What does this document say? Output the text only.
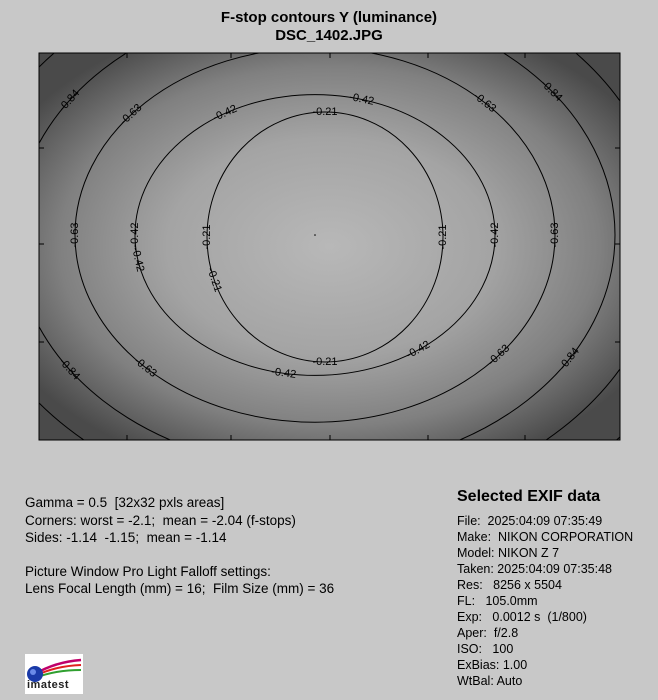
F-stop contours Y (luminance)
DSC_1402.JPG
-0.21
-0.21
-0.21
-0.21
-0.21
-0.42
-0.42
-0.42
-0.42
-0.42
-0.42
-0.42
-0.63
-0.63
-0.63
-0.63
-0.63
-0.63
-0.84
-0.84
-0.84
-0.84
Gamma = 0.5  [32x32 pxls areas]
Corners: worst = -2.1;  mean = -2.04 (f-stops)
Sides: -1.14  -1.15;  mean = -1.14
Picture Window Pro Light Falloff settings:
Lens Focal Length (mm) = 16;  Film Size (mm) = 36
Selected EXIF data
File:  2025:04:09 07:35:49
Make:  NIKON CORPORATION
Model: NIKON Z 7
Taken: 2025:04:09 07:35:48
Res:   8256 x 5504
FL:   105.0mm
Exp:   0.0012 s  (1/800)
Aper:  f/2.8
ISO:   100
ExBias: 1.00
WtBal: Auto
imatest
